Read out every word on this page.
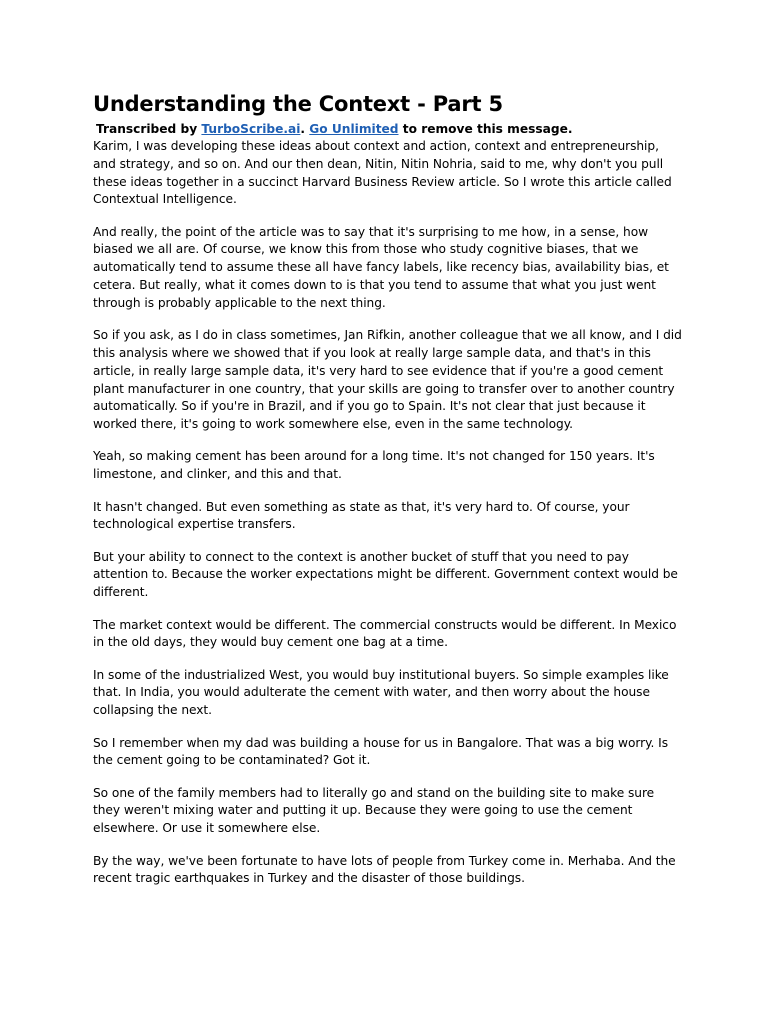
Understanding the Context - Part 5

Transcribed by TurboScribe.ai. Go Unlimited to remove this message.

Karim, I was developing these ideas about context and action, context and entrepreneurship, and strategy, and so on. And our then dean, Nitin, Nitin Nohria, said to me, why don't you pull these ideas together in a succinct Harvard Business Review article. So I wrote this article called Contextual Intelligence.

And really, the point of the article was to say that it's surprising to me how, in a sense, how biased we all are. Of course, we know this from those who study cognitive biases, that we automatically tend to assume these all have fancy labels, like recency bias, availability bias, et cetera. But really, what it comes down to is that you tend to assume that what you just went through is probably applicable to the next thing.

So if you ask, as I do in class sometimes, Jan Rifkin, another colleague that we all know, and I did this analysis where we showed that if you look at really large sample data, and that's in this article, in really large sample data, it's very hard to see evidence that if you're a good cement plant manufacturer in one country, that your skills are going to transfer over to another country automatically. So if you're in Brazil, and if you go to Spain. It's not clear that just because it worked there, it's going to work somewhere else, even in the same technology.

Yeah, so making cement has been around for a long time. It's not changed for 150 years. It's limestone, and clinker, and this and that.

It hasn't changed. But even something as state as that, it's very hard to. Of course, your technological expertise transfers.

But your ability to connect to the context is another bucket of stuff that you need to pay attention to. Because the worker expectations might be different. Government context would be different.

The market context would be different. The commercial constructs would be different. In Mexico in the old days, they would buy cement one bag at a time.

In some of the industrialized West, you would buy institutional buyers. So simple examples like that. In India, you would adulterate the cement with water, and then worry about the house collapsing the next.

So I remember when my dad was building a house for us in Bangalore. That was a big worry. Is the cement going to be contaminated? Got it.

So one of the family members had to literally go and stand on the building site to make sure they weren't mixing water and putting it up. Because they were going to use the cement elsewhere. Or use it somewhere else.

By the way, we've been fortunate to have lots of people from Turkey come in. Merhaba. And the recent tragic earthquakes in Turkey and the disaster of those buildings.
